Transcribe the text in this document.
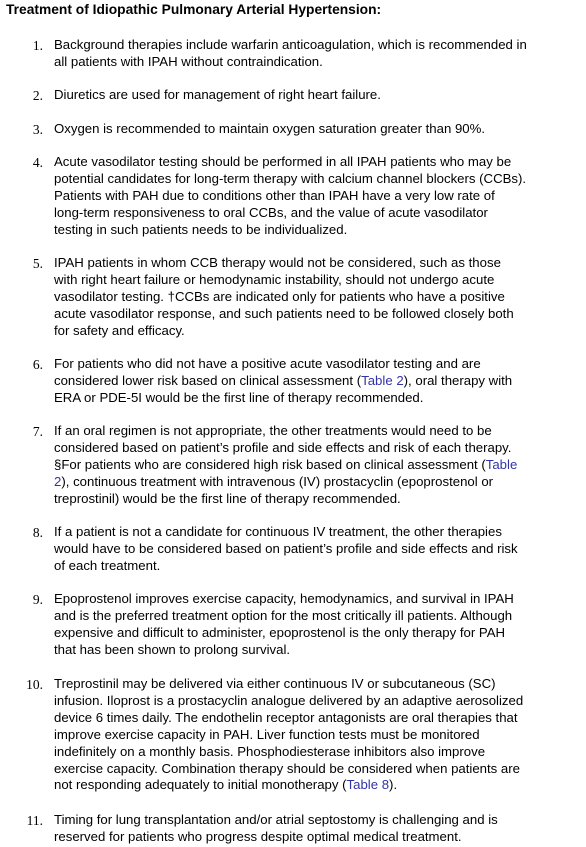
Treatment of Idiopathic Pulmonary Arterial Hypertension:
1. Background therapies include warfarin anticoagulation, which is recommended in
all patients with IPAH without contraindication.
2. Diuretics are used for management of right heart failure.
3. Oxygen is recommended to maintain oxygen saturation greater than 90%.
4. Acute vasodilator testing should be performed in all IPAH patients who may be
potential candidates for long-term therapy with calcium channel blockers (CCBs).
Patients with PAH due to conditions other than IPAH have a very low rate of
long-term responsiveness to oral CCBs, and the value of acute vasodilator
testing in such patients needs to be individualized.
5. IPAH patients in whom CCB therapy would not be considered, such as those
with right heart failure or hemodynamic instability, should not undergo acute
vasodilator testing. †CCBs are indicated only for patients who have a positive
acute vasodilator response, and such patients need to be followed closely both
for safety and efficacy.
6. For patients who did not have a positive acute vasodilator testing and are
considered lower risk based on clinical assessment (Table 2), oral therapy with
ERA or PDE-5I would be the first line of therapy recommended.
7. If an oral regimen is not appropriate, the other treatments would need to be
considered based on patient’s profile and side effects and risk of each therapy.
§For patients who are considered high risk based on clinical assessment (Table
2), continuous treatment with intravenous (IV) prostacyclin (epoprostenol or
treprostinil) would be the first line of therapy recommended.
8. If a patient is not a candidate for continuous IV treatment, the other therapies
would have to be considered based on patient’s profile and side effects and risk
of each treatment.
9. Epoprostenol improves exercise capacity, hemodynamics, and survival in IPAH
and is the preferred treatment option for the most critically ill patients. Although
expensive and difficult to administer, epoprostenol is the only therapy for PAH
that has been shown to prolong survival.
10. Treprostinil may be delivered via either continuous IV or subcutaneous (SC)
infusion. Iloprost is a prostacyclin analogue delivered by an adaptive aerosolized
device 6 times daily. The endothelin receptor antagonists are oral therapies that
improve exercise capacity in PAH. Liver function tests must be monitored
indefinitely on a monthly basis. Phosphodiesterase inhibitors also improve
exercise capacity. Combination therapy should be considered when patients are
not responding adequately to initial monotherapy (Table 8).
11. Timing for lung transplantation and/or atrial septostomy is challenging and is
reserved for patients who progress despite optimal medical treatment.
